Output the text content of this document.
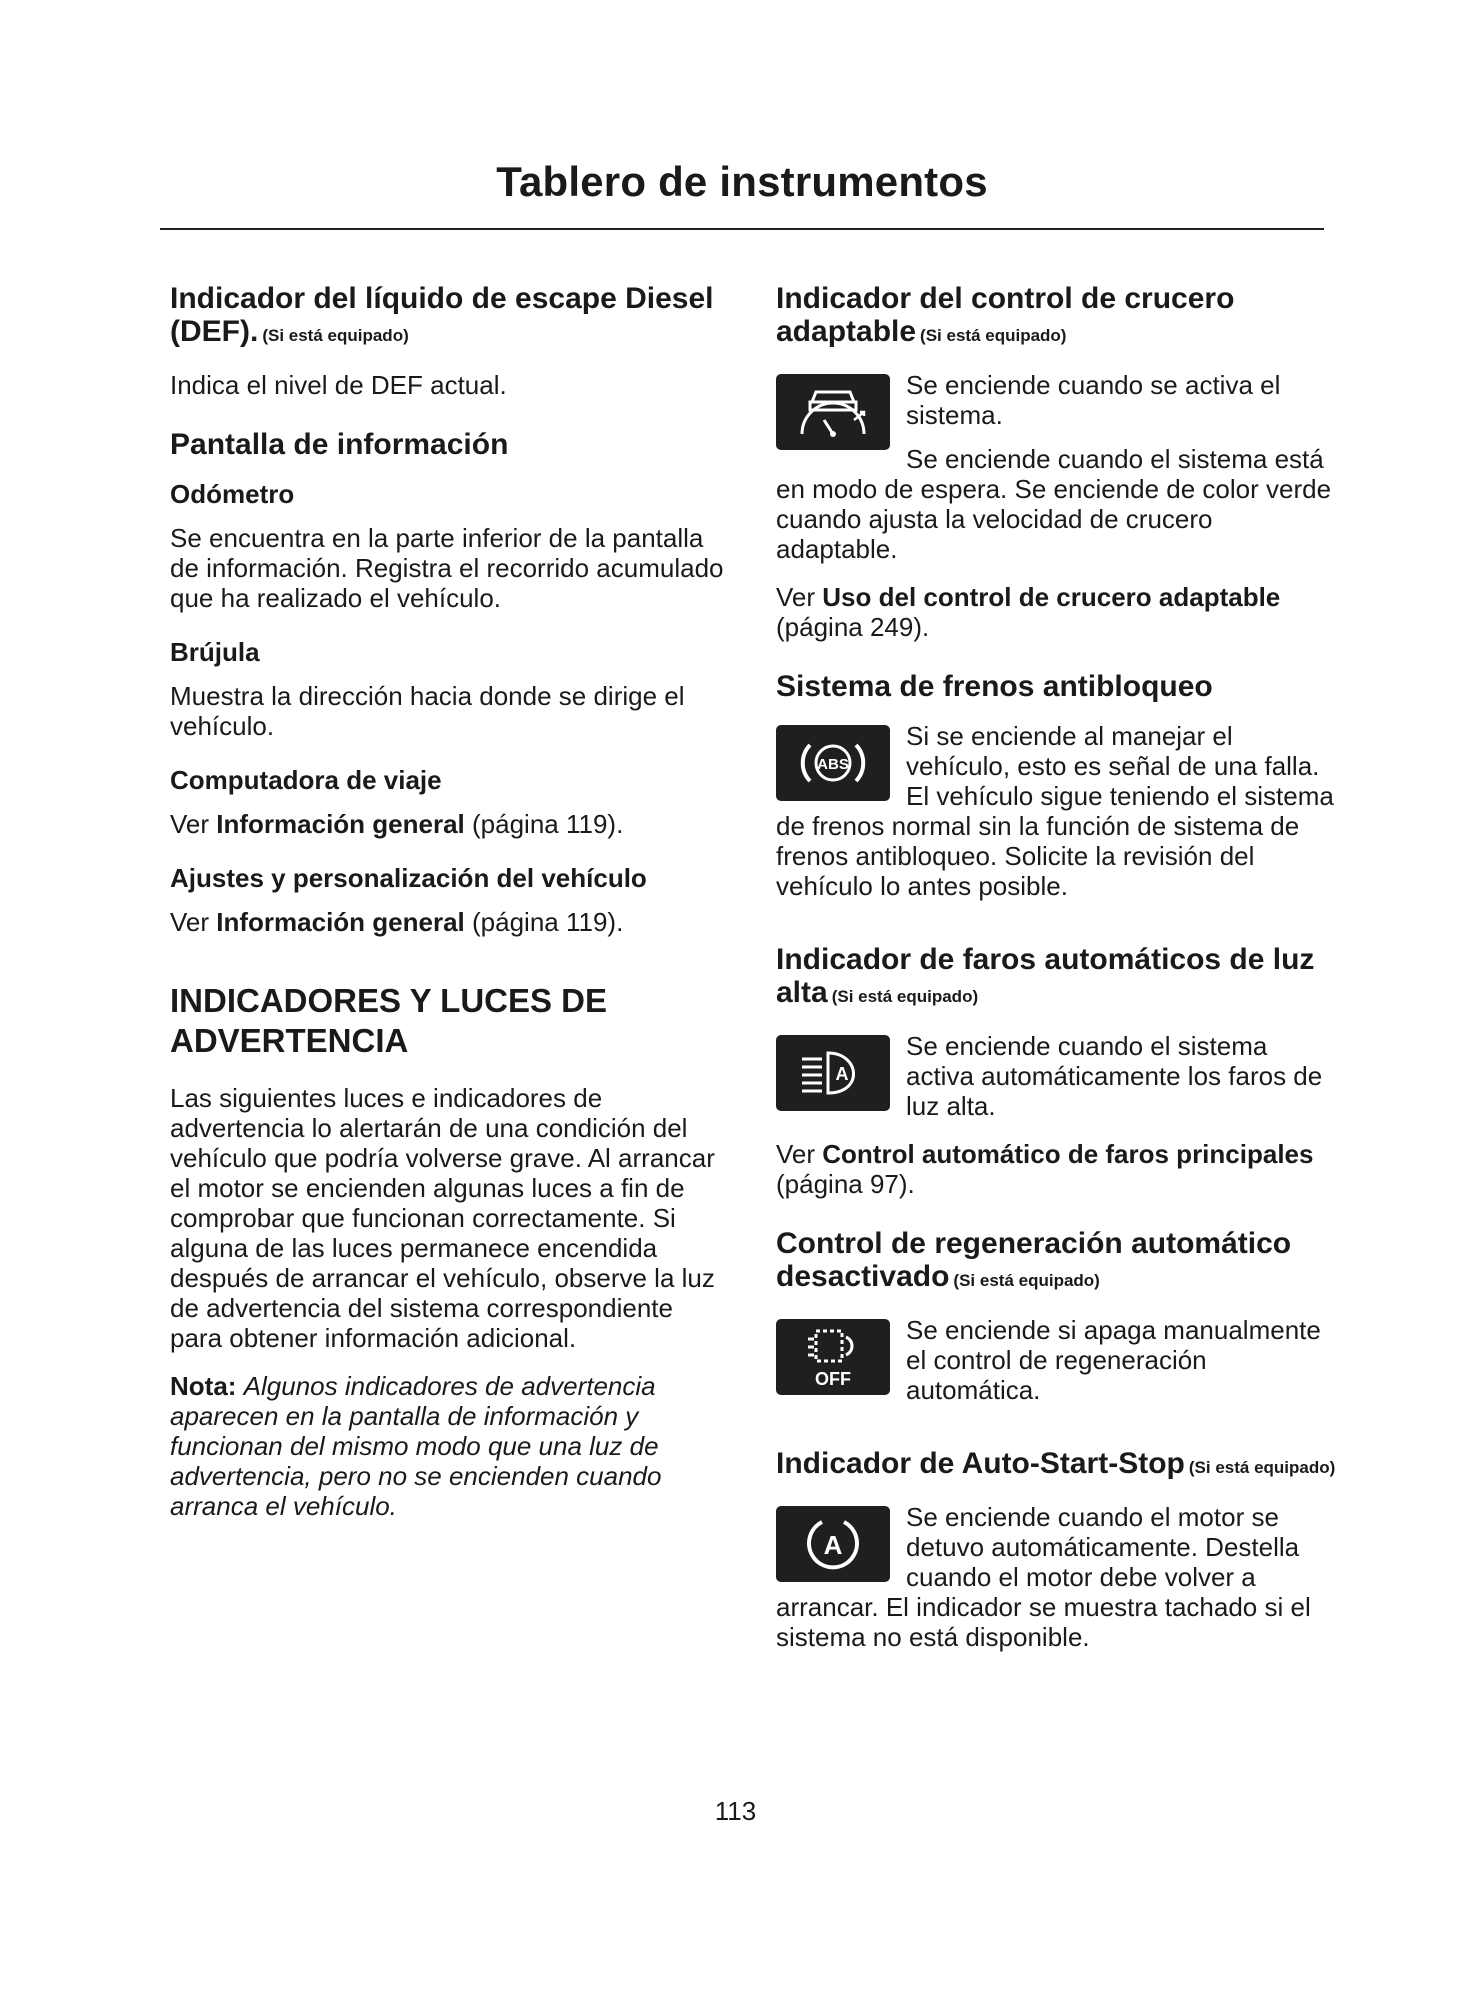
Tablero de instrumentos
Indicador del líquido de escape Diesel (DEF). (Si está equipado)

Indica el nivel de DEF actual.

Pantalla de información
Odómetro

Se encuentra en la parte inferior de la pantalla de información. Registra el recorrido acumulado que ha realizado el vehículo.

Brújula

Muestra la dirección hacia donde se dirige el vehículo.

Computadora de viaje

Ver Información general (página 119).

Ajustes y personalización del vehículo

Ver Información general (página 119).

INDICADORES Y LUCES DE ADVERTENCIA

Las siguientes luces e indicadores de advertencia lo alertarán de una condición del vehículo que podría volverse grave. Al arrancar el motor se encienden algunas luces a fin de comprobar que funcionan correctamente. Si alguna de las luces permanece encendida después de arrancar el vehículo, observe la luz de advertencia del sistema correspondiente para obtener información adicional.

Nota: Algunos indicadores de advertencia aparecen en la pantalla de información y funcionan del mismo modo que una luz de advertencia, pero no se encienden cuando arranca el vehículo.

Indicador del control de crucero adaptable (Si está equipado)

Se enciende cuando se activa el sistema.

Se enciende cuando el sistema está en modo de espera. Se enciende de color verde cuando ajusta la velocidad de crucero adaptable.

Ver Uso del control de crucero adaptable (página 249).

Sistema de frenos antibloqueo
ABS

Si se enciende al manejar el vehículo, esto es señal de una falla. El vehículo sigue teniendo el sistema de frenos normal sin la función de sistema de frenos antibloqueo. Solicite la revisión del vehículo lo antes posible.

Indicador de faros automáticos de luz alta (Si está equipado)
A

Se enciende cuando el sistema activa automáticamente los faros de luz alta.

Ver Control automático de faros principales (página 97).

Control de regeneración automático desactivado (Si está equipado)
OFF

Se enciende si apaga manualmente el control de regeneración automática.

Indicador de Auto-Start-Stop (Si está equipado)
A

Se enciende cuando el motor se detuvo automáticamente. Destella cuando el motor debe volver a arrancar. El indicador se muestra tachado si el sistema no está disponible.

113
